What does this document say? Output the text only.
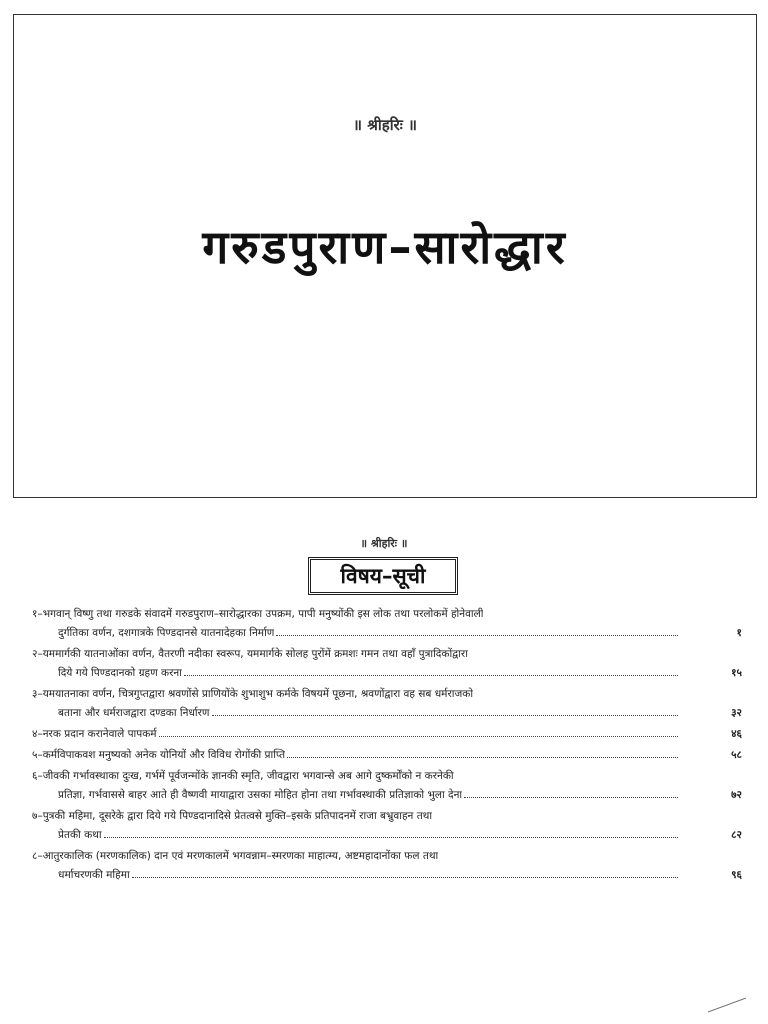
॥ श्रीहरिः ॥
गरुडपुराण–सारोद्धार
॥ श्रीहरिः ॥
विषय–सूची
१–भगवान् विष्णु तथा गरुडके संवादमें गरुडपुराण–सारोद्धारका उपक्रम, पापी मनुष्योंकी इस लोक तथा परलोकमें होनेवाली
दुर्गतिका वर्णन, दशगात्रके पिण्डदानसे यातनादेहका निर्माण	१
२–यममार्गकी यातनाओंका वर्णन, वैतरणी नदीका स्वरूप, यममार्गके सोलह पुरोंमें क्रमशः गमन तथा वहाँ पुत्रादिकोंद्वारा
दिये गये पिण्डदानको ग्रहण करना	१५
३–यमयातनाका वर्णन, चित्रगुप्तद्वारा श्रवणोंसे प्राणियोंके शुभाशुभ कर्मके विषयमें पूछना, श्रवणोंद्वारा वह सब धर्मराजको
बताना और धर्मराजद्वारा दण्डका निर्धारण	३२
४–नरक प्रदान करानेवाले पापकर्म	४६
५–कर्मविपाकवश मनुष्यको अनेक योनियों और विविध रोगोंकी प्राप्ति	५८
६–जीवकी गर्भावस्थाका दुःख, गर्भमें पूर्वजन्मोंके ज्ञानकी स्मृति, जीवद्वारा भगवान्से अब आगे दुष्कर्मोंको न करनेकी
प्रतिज्ञा, गर्भवाससे बाहर आते ही वैष्णवी मायाद्वारा उसका मोहित होना तथा गर्भावस्थाकी प्रतिज्ञाको भुला देना	७२
७–पुत्रकी महिमा, दूसरेके द्वारा दिये गये पिण्डदानादिसे प्रेतत्वसे मुक्ति–इसके प्रतिपादनमें राजा बभ्रुवाहन तथा
प्रेतकी कथा	८२
८–आतुरकालिक (मरणकालिक) दान एवं मरणकालमें भगवन्नाम–स्मरणका माहात्म्य, अष्टमहादानोंका फल तथा
धर्माचरणकी महिमा	९६
